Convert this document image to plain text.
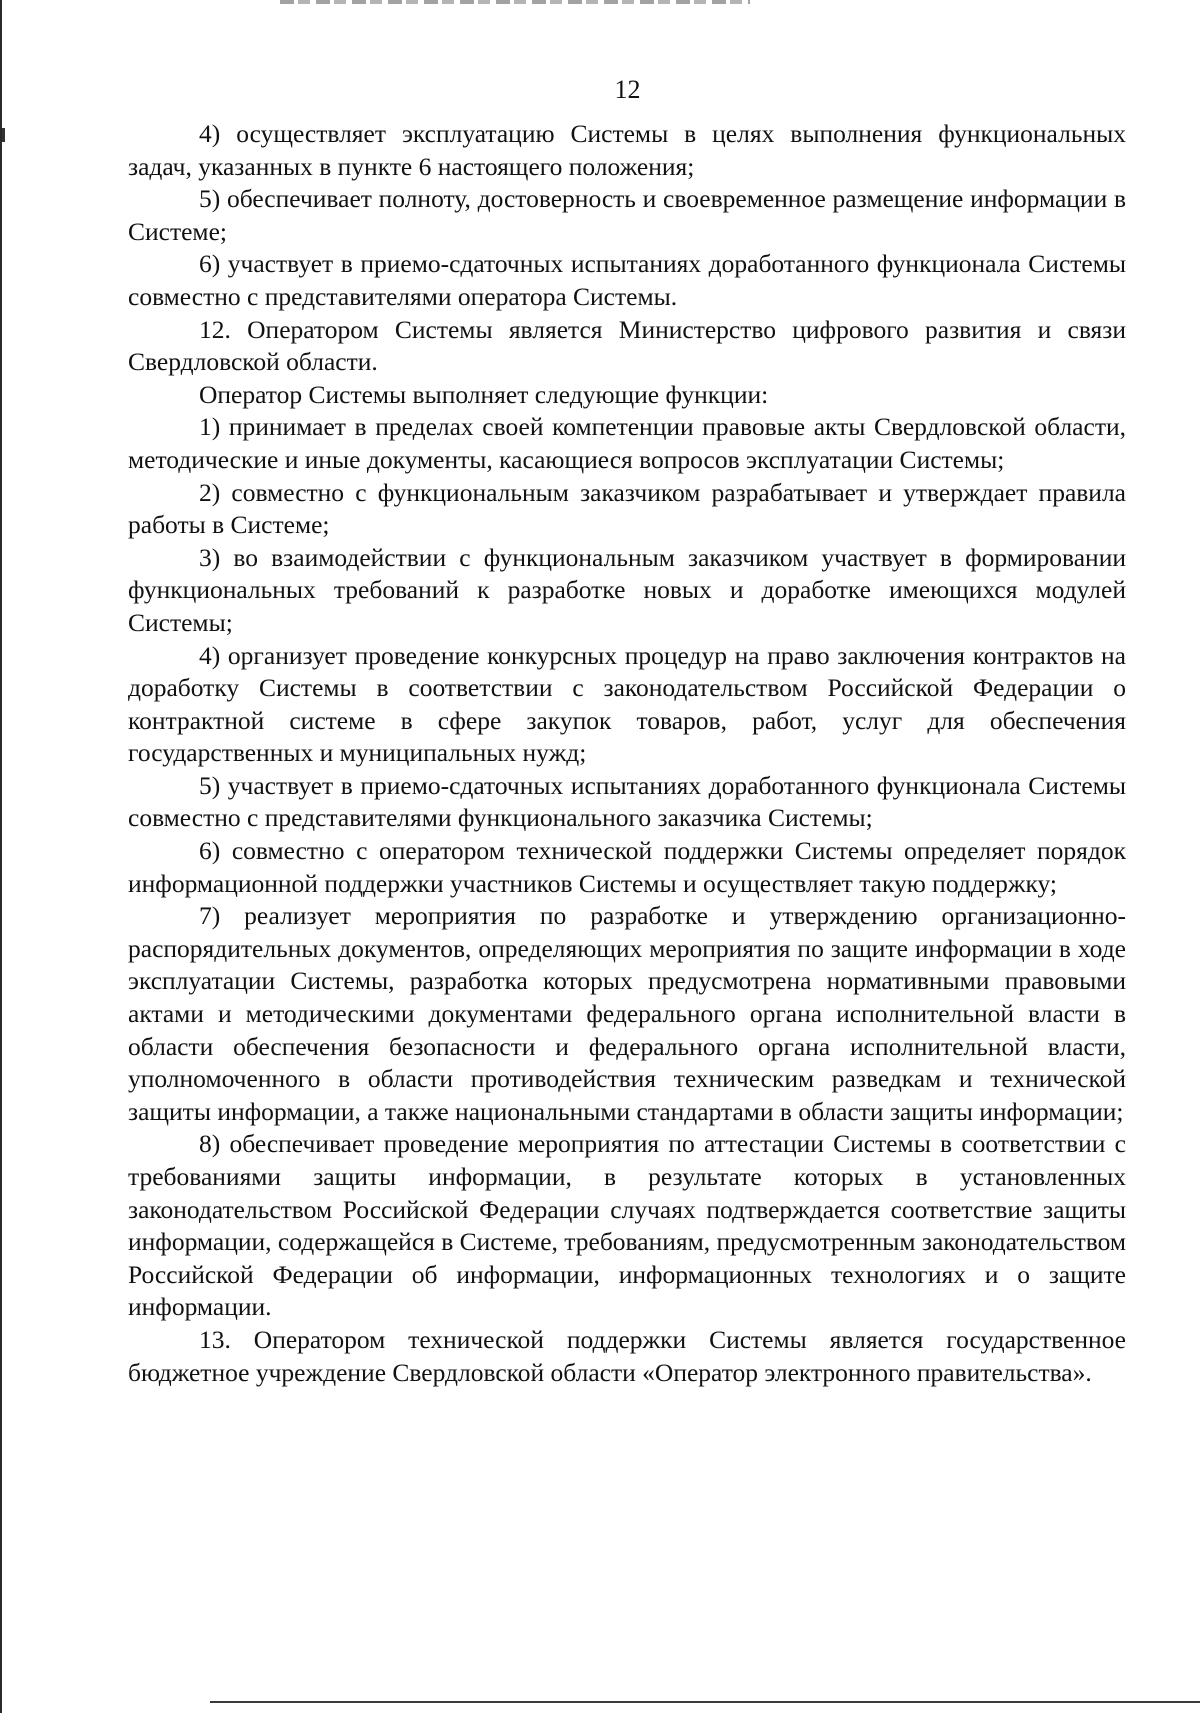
12

4) осуществляет эксплуатацию Системы в целях выполнения функциональных задач, указанных в пункте 6 настоящего положения;

5) обеспечивает полноту, достоверность и своевременное размещение информации в Системе;

6) участвует в приемо-сдаточных испытаниях доработанного функционала Системы совместно с представителями оператора Системы.

12. Оператором Системы является Министерство цифрового развития и связи Свердловской области.

Оператор Системы выполняет следующие функции:

1) принимает в пределах своей компетенции правовые акты Свердловской области, методические и иные документы, касающиеся вопросов эксплуатации Системы;

2) совместно с функциональным заказчиком разрабатывает и утверждает правила работы в Системе;

3) во взаимодействии с функциональным заказчиком участвует в формировании функциональных требований к разработке новых и доработке имеющихся модулей Системы;

4) организует проведение конкурсных процедур на право заключения контрактов на доработку Системы в соответствии с законодательством Российской Федерации о контрактной системе в сфере закупок товаров, работ, услуг для обеспечения государственных и муниципальных нужд;

5) участвует в приемо-сдаточных испытаниях доработанного функционала Системы совместно с представителями функционального заказчика Системы;

6) совместно с оператором технической поддержки Системы определяет порядок информационной поддержки участников Системы и осуществляет такую поддержку;

7) реализует мероприятия по разработке и утверждению организационно-распорядительных документов, определяющих мероприятия по защите информации в ходе эксплуатации Системы, разработка которых предусмотрена нормативными правовыми актами и методическими документами федерального органа исполнительной власти в области обеспечения безопасности и федерального органа исполнительной власти, уполномоченного в области противодействия техническим разведкам и технической защиты информации, а также национальными стандартами в области защиты информации;

8) обеспечивает проведение мероприятия по аттестации Системы в соответствии с требованиями защиты информации, в результате которых в установленных законодательством Российской Федерации случаях подтверждается соответствие защиты информации, содержащейся в Системе, требованиям, предусмотренным законодательством Российской Федерации об информации, информационных технологиях и о защите информации.

13. Оператором технической поддержки Системы является государственное бюджетное учреждение Свердловской области «Оператор электронного правительства».
